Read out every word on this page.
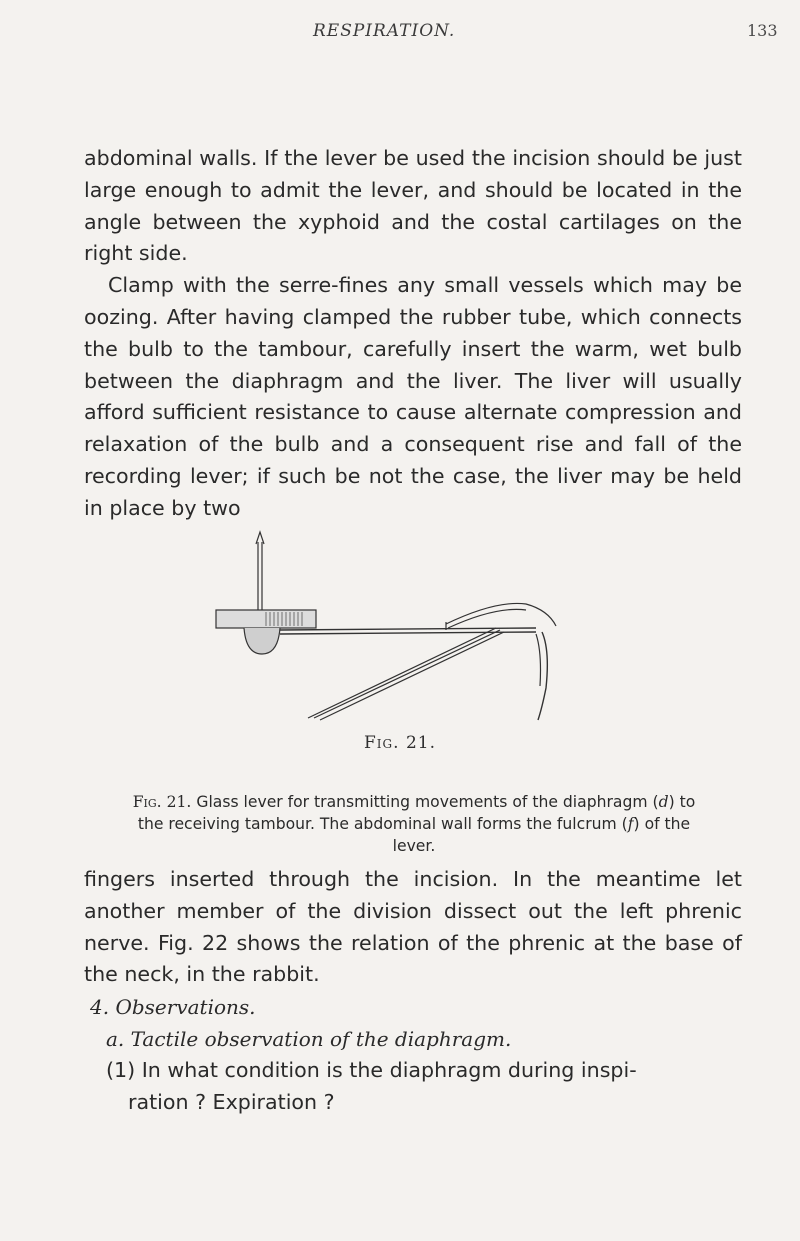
RESPIRATION.	133

abdominal walls. If the lever be used the incision should be just large enough to admit the lever, and should be located in the angle between the xyphoid and the costal cartilages on the right side.

Clamp with the serre-fines any small vessels which may be oozing. After having clamped the rubber tube, which connects the bulb to the tambour, carefully insert the warm, wet bulb between the diaphragm and the liver. The liver will usually afford sufficient resistance to cause alternate compression and relaxation of the bulb and a consequent rise and fall of the recording lever; if such be not the case, the liver may be held in place by two

Fig. 21.

Fig. 21. Glass lever for transmitting movements of the diaphragm (d) to the receiving tambour. The abdominal wall forms the fulcrum (f) of the lever.

fingers inserted through the incision. In the meantime let another member of the division dissect out the left phrenic nerve. Fig. 22 shows the relation of the phrenic at the base of the neck, in the rabbit.

4. Observations.
a. Tactile observation of the diaphragm.
(1) In what condition is the diaphragm during inspi-
ration ? Expiration ?
